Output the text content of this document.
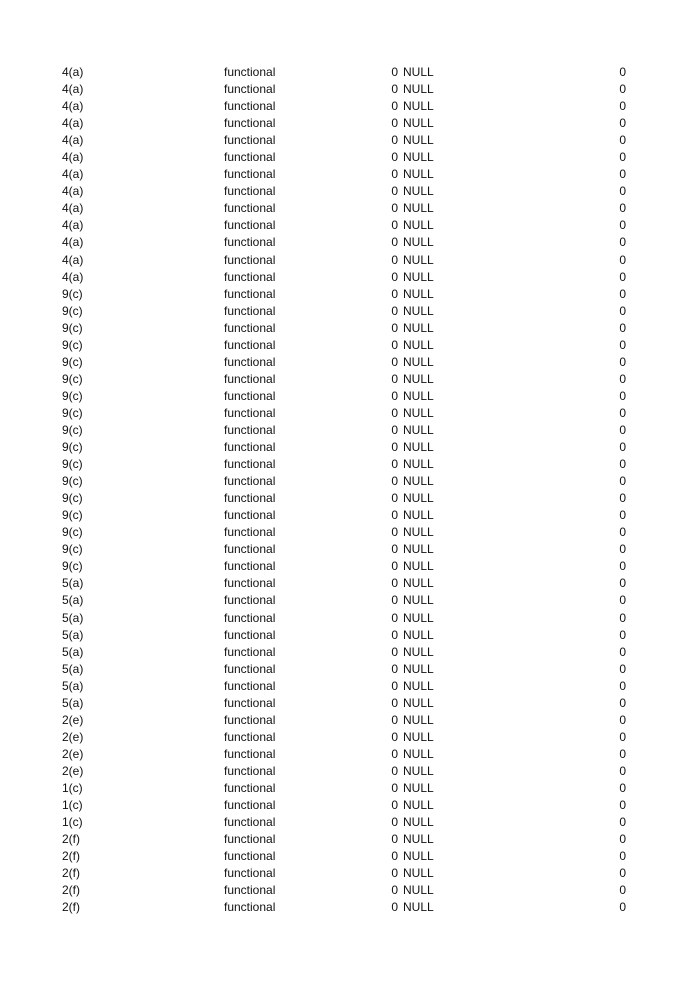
4(a)	functional	0 NULL	0
4(a)	functional	0 NULL	0
4(a)	functional	0 NULL	0
4(a)	functional	0 NULL	0
4(a)	functional	0 NULL	0
4(a)	functional	0 NULL	0
4(a)	functional	0 NULL	0
4(a)	functional	0 NULL	0
4(a)	functional	0 NULL	0
4(a)	functional	0 NULL	0
4(a)	functional	0 NULL	0
4(a)	functional	0 NULL	0
4(a)	functional	0 NULL	0
9(c)	functional	0 NULL	0
9(c)	functional	0 NULL	0
9(c)	functional	0 NULL	0
9(c)	functional	0 NULL	0
9(c)	functional	0 NULL	0
9(c)	functional	0 NULL	0
9(c)	functional	0 NULL	0
9(c)	functional	0 NULL	0
9(c)	functional	0 NULL	0
9(c)	functional	0 NULL	0
9(c)	functional	0 NULL	0
9(c)	functional	0 NULL	0
9(c)	functional	0 NULL	0
9(c)	functional	0 NULL	0
9(c)	functional	0 NULL	0
9(c)	functional	0 NULL	0
9(c)	functional	0 NULL	0
5(a)	functional	0 NULL	0
5(a)	functional	0 NULL	0
5(a)	functional	0 NULL	0
5(a)	functional	0 NULL	0
5(a)	functional	0 NULL	0
5(a)	functional	0 NULL	0
5(a)	functional	0 NULL	0
5(a)	functional	0 NULL	0
2(e)	functional	0 NULL	0
2(e)	functional	0 NULL	0
2(e)	functional	0 NULL	0
2(e)	functional	0 NULL	0
1(c)	functional	0 NULL	0
1(c)	functional	0 NULL	0
1(c)	functional	0 NULL	0
2(f)	functional	0 NULL	0
2(f)	functional	0 NULL	0
2(f)	functional	0 NULL	0
2(f)	functional	0 NULL	0
2(f)	functional	0 NULL	0
